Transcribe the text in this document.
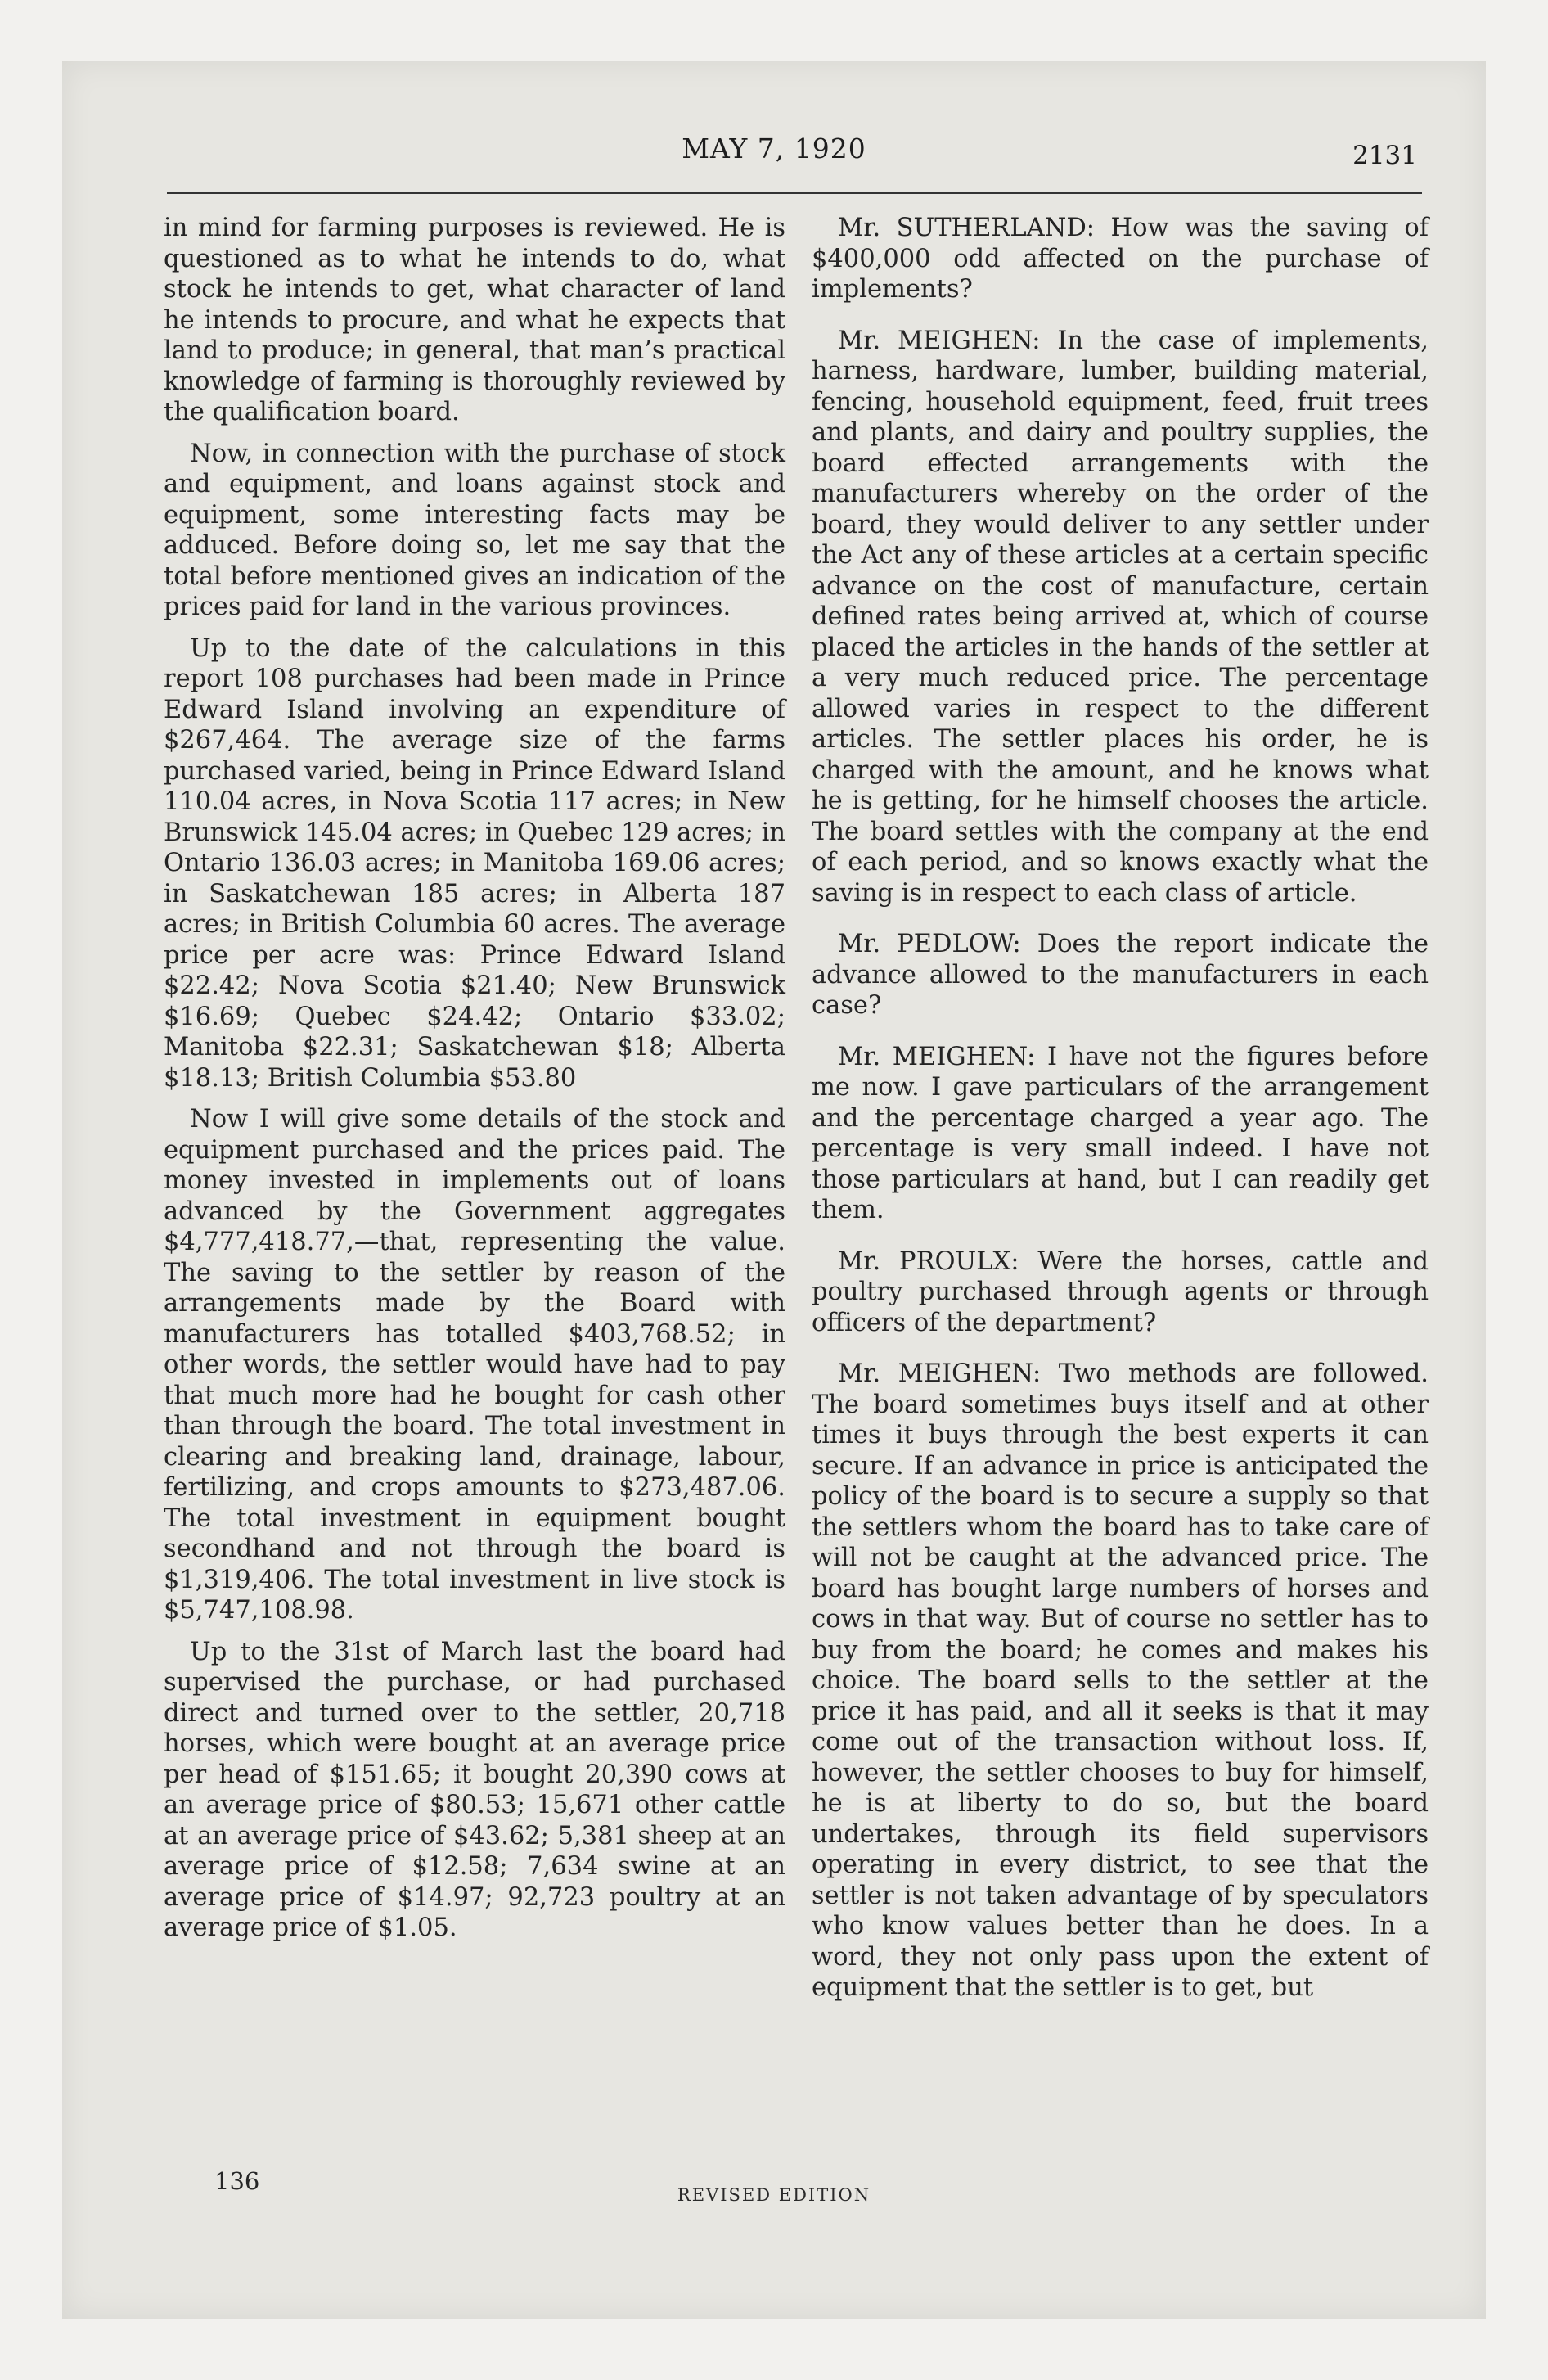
MAY 7, 1920	2131

in mind for farming purposes is reviewed. He is questioned as to what he intends to do, what stock he intends to get, what character of land he intends to procure, and what he expects that land to produce; in general, that man’s practical knowledge of farming is thoroughly reviewed by the qualification board.

Now, in connection with the purchase of stock and equipment, and loans against stock and equipment, some interesting facts may be adduced. Before doing so, let me say that the total before mentioned gives an indication of the prices paid for land in the various provinces.

Up to the date of the calculations in this report 108 purchases had been made in Prince Edward Island involving an expenditure of $267,464. The average size of the farms purchased varied, being in Prince Edward Island 110.04 acres, in Nova Scotia 117 acres; in New Brunswick 145.04 acres; in Quebec 129 acres; in Ontario 136.03 acres; in Manitoba 169.06 acres; in Saskatchewan 185 acres; in Alberta 187 acres; in British Columbia 60 acres. The average price per acre was: Prince Edward Island $22.42; Nova Scotia $21.40; New Brunswick $16.69; Quebec $24.42; Ontario $33.02; Manitoba $22.31; Saskatchewan $18; Alberta $18.13; British Columbia $53.80

Now I will give some details of the stock and equipment purchased and the prices paid. The money invested in implements out of loans advanced by the Government aggregates $4,777,418.77,—that, representing the value. The saving to the settler by reason of the arrangements made by the Board with manufacturers has totalled $403,768.52; in other words, the settler would have had to pay that much more had he bought for cash other than through the board. The total investment in clearing and breaking land, drainage, labour, fertilizing, and crops amounts to $273,487.06. The total investment in equipment bought secondhand and not through the board is $1,319,406. The total investment in live stock is $5,747,108.98.

Up to the 31st of March last the board had supervised the purchase, or had purchased direct and turned over to the settler, 20,718 horses, which were bought at an average price per head of $151.65; it bought 20,390 cows at an average price of $80.53; 15,671 other cattle at an average price of $43.62; 5,381 sheep at an average price of $12.58; 7,634 swine at an average price of $14.97; 92,723 poultry at an average price of $1.05.

Mr. SUTHERLAND: How was the saving of $400,000 odd affected on the purchase of implements?

Mr. MEIGHEN: In the case of implements, harness, hardware, lumber, building material, fencing, household equipment, feed, fruit trees and plants, and dairy and poultry supplies, the board effected arrangements with the manufacturers whereby on the order of the board, they would deliver to any settler under the Act any of these articles at a certain specific advance on the cost of manufacture, certain defined rates being arrived at, which of course placed the articles in the hands of the settler at a very much reduced price. The percentage allowed varies in respect to the different articles. The settler places his order, he is charged with the amount, and he knows what he is getting, for he himself chooses the article. The board settles with the company at the end of each period, and so knows exactly what the saving is in respect to each class of article.

Mr. PEDLOW: Does the report indicate the advance allowed to the manufacturers in each case?

Mr. MEIGHEN: I have not the figures before me now. I gave particulars of the arrangement and the percentage charged a year ago. The percentage is very small indeed. I have not those particulars at hand, but I can readily get them.

Mr. PROULX: Were the horses, cattle and poultry purchased through agents or through officers of the department?

Mr. MEIGHEN: Two methods are followed. The board sometimes buys itself and at other times it buys through the best experts it can secure. If an advance in price is anticipated the policy of the board is to secure a supply so that the settlers whom the board has to take care of will not be caught at the advanced price. The board has bought large numbers of horses and cows in that way. But of course no settler has to buy from the board; he comes and makes his choice. The board sells to the settler at the price it has paid, and all it seeks is that it may come out of the transaction without loss. If, however, the settler chooses to buy for himself, he is at liberty to do so, but the board undertakes, through its field supervisors operating in every district, to see that the settler is not taken advantage of by speculators who know values better than he does. In a word, they not only pass upon the extent of equipment that the settler is to get, but

136	REVISED EDITION
